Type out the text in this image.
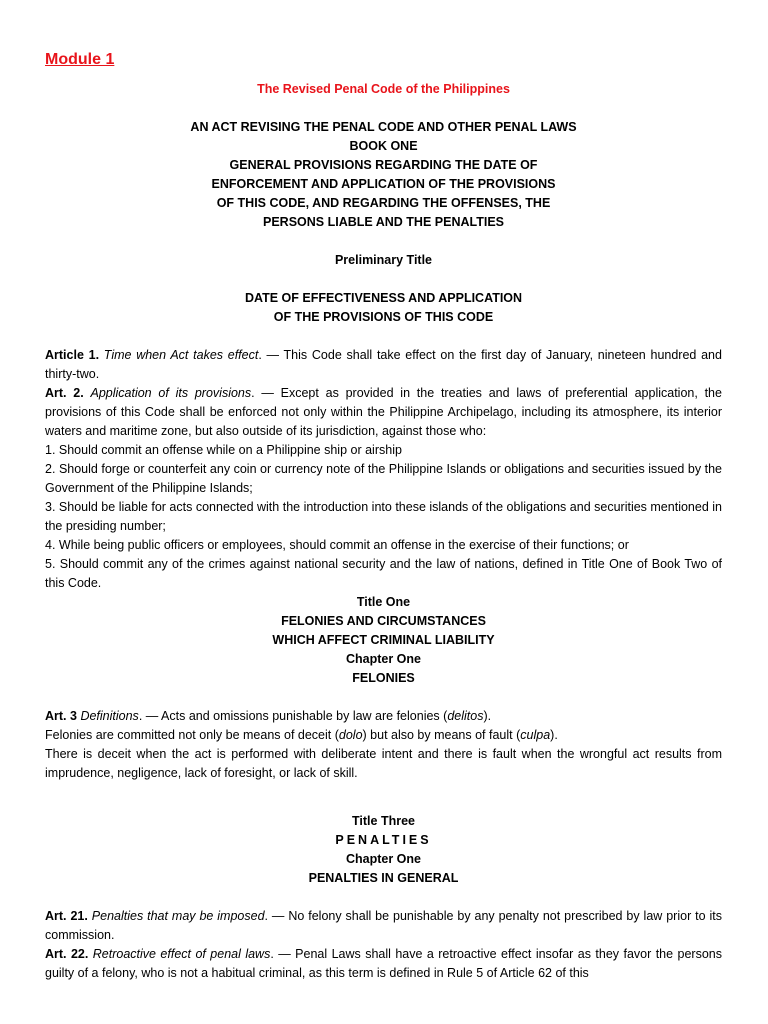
Module 1
The Revised Penal Code of the Philippines
AN ACT REVISING THE PENAL CODE AND OTHER PENAL LAWS
BOOK ONE
GENERAL PROVISIONS REGARDING THE DATE OF
ENFORCEMENT AND APPLICATION OF THE PROVISIONS
OF THIS CODE, AND REGARDING THE OFFENSES, THE
PERSONS LIABLE AND THE PENALTIES
Preliminary Title
DATE OF EFFECTIVENESS AND APPLICATION
OF THE PROVISIONS OF THIS CODE

Article 1. Time when Act takes effect. — This Code shall take effect on the first day of January, nineteen hundred and thirty-two.

Art. 2. Application of its provisions. — Except as provided in the treaties and laws of preferential application, the provisions of this Code shall be enforced not only within the Philippine Archipelago, including its atmosphere, its interior waters and maritime zone, but also outside of its jurisdiction, against those who:

1. Should commit an offense while on a Philippine ship or airship

2. Should forge or counterfeit any coin or currency note of the Philippine Islands or obligations and securities issued by the Government of the Philippine Islands;

3. Should be liable for acts connected with the introduction into these islands of the obligations and securities mentioned in the presiding number;

4. While being public officers or employees, should commit an offense in the exercise of their functions; or

5. Should commit any of the crimes against national security and the law of nations, defined in Title One of Book Two of this Code.

Title One
FELONIES AND CIRCUMSTANCES
WHICH AFFECT CRIMINAL LIABILITY
Chapter One
FELONIES

Art. 3 Definitions. — Acts and omissions punishable by law are felonies (delitos).

Felonies are committed not only be means of deceit (dolo) but also by means of fault (culpa).

There is deceit when the act is performed with deliberate intent and there is fault when the wrongful act results from imprudence, negligence, lack of foresight, or lack of skill.

Title Three
PENALTIES
Chapter One
PENALTIES IN GENERAL

Art. 21. Penalties that may be imposed. — No felony shall be punishable by any penalty not prescribed by law prior to its commission.

Art. 22. Retroactive effect of penal laws. — Penal Laws shall have a retroactive effect insofar as they favor the persons guilty of a felony, who is not a habitual criminal, as this term is defined in Rule 5 of Article 62 of this
